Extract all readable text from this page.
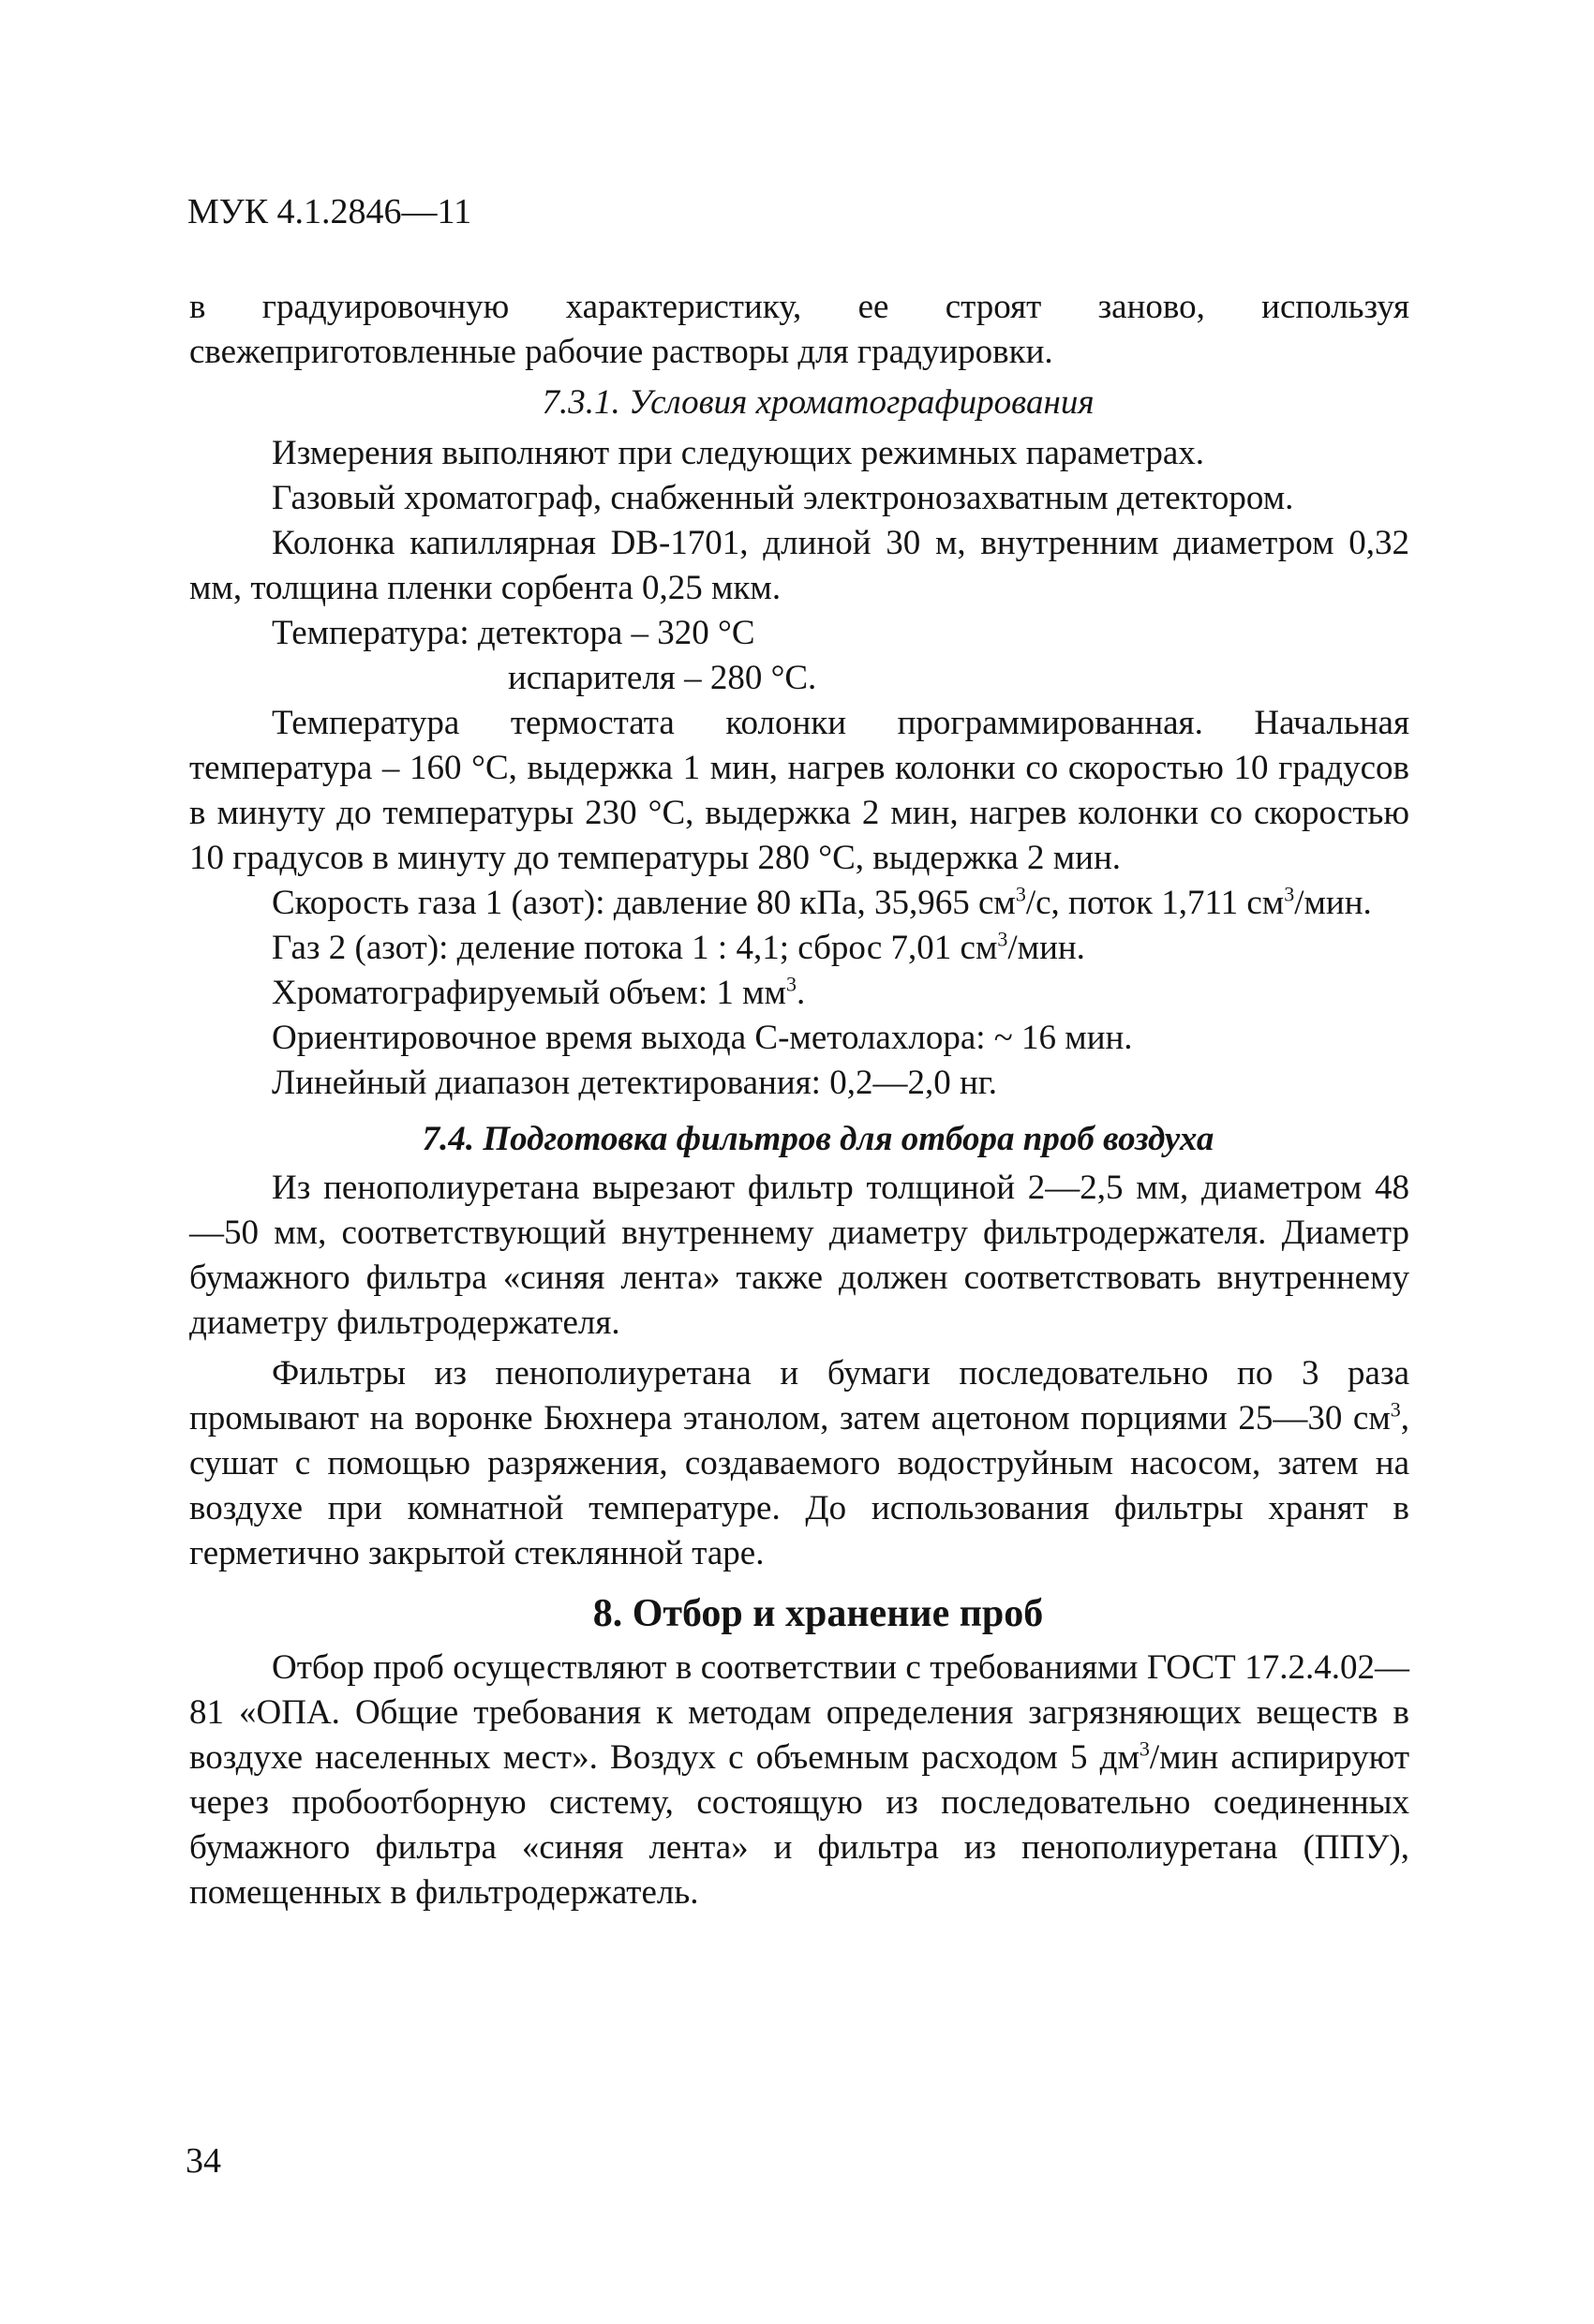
МУК 4.1.2846—11

в градуировочную характеристику, ее строят заново, используя свежеприготовленные рабочие растворы для градуировки.

7.3.1. Условия хроматографирования

Измерения выполняют при следующих режимных параметрах.

Газовый хроматограф, снабженный электронозахватным детектором.

Колонка капиллярная DB-1701, длиной 30 м, внутренним диаметром 0,32 мм, толщина пленки сорбента 0,25 мкм.

Температура: детектора – 320 °С

испарителя – 280 °С.

Температура термостата колонки программированная. Начальная температура – 160 °С, выдержка 1 мин, нагрев колонки со скоростью 10 градусов в минуту до температуры 230 °С, выдержка 2 мин, нагрев колонки со скоростью 10 градусов в минуту до температуры 280 °С, выдержка 2 мин.

Скорость газа 1 (азот): давление 80 кПа, 35,965 $см^3/с$, поток 1,711 $см^3$/мин.

Газ 2 (азот): деление потока 1 : 4,1; сброс 7,01 $см^3$/мин.

Хроматографируемый объем: 1 $мм^3$.

Ориентировочное время выхода С-метолахлора: ~ 16 мин.

Линейный диапазон детектирования: 0,2—2,0 нг.

7.4. Подготовка фильтров для отбора проб воздуха

Из пенополиуретана вырезают фильтр толщиной 2—2,5 мм, диаметром 48—50 мм, соответствующий внутреннему диаметру фильтродержателя. Диаметр бумажного фильтра «синяя лента» также должен соответствовать внутреннему диаметру фильтродержателя.

Фильтры из пенополиуретана и бумаги последовательно по 3 раза промывают на воронке Бюхнера этанолом, затем ацетоном порциями 25—30 $см^3$, сушат с помощью разряжения, создаваемого водоструйным насосом, затем на воздухе при комнатной температуре. До использования фильтры хранят в герметично закрытой стеклянной таре.

8. Отбор и хранение проб

Отбор проб осуществляют в соответствии с требованиями ГОСТ 17.2.4.02—81 «ОПА. Общие требования к методам определения загрязняющих веществ в воздухе населенных мест». Воздух с объемным расходом 5 $дм^3$/мин аспирируют через пробоотборную систему, состоящую из последовательно соединенных бумажного фильтра «синяя лента» и фильтра из пенополиуретана (ППУ), помещенных в фильтродержатель.

34
